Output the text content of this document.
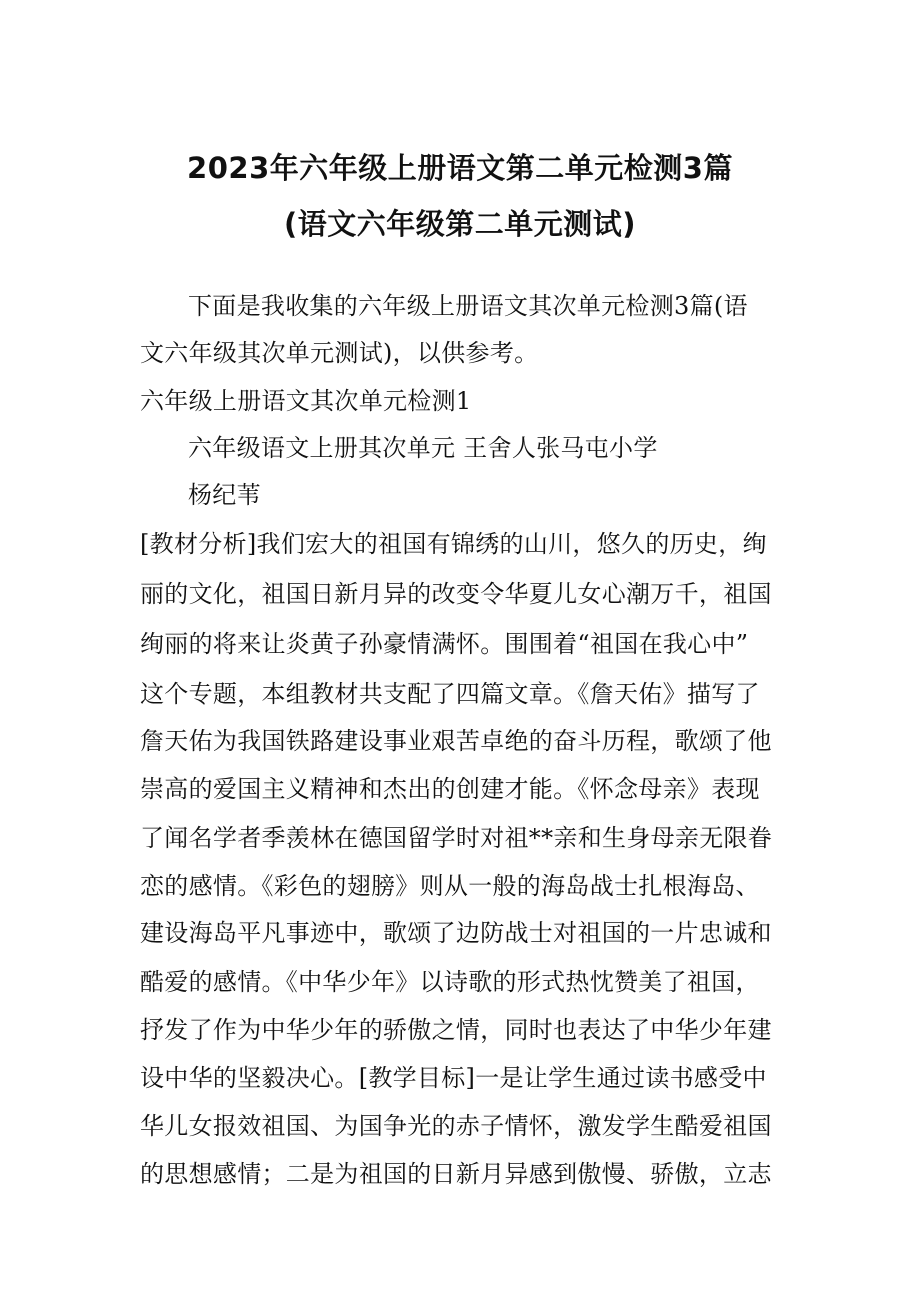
2023年六年级上册语文第二单元检测3篇
(语文六年级第二单元测试)
下面是我收集的六年级上册语文其次单元检测3篇(语
文六年级其次单元测试)，以供参考。
六年级上册语文其次单元检测1
六年级语文上册其次单元 王舍人张马屯小学
杨纪苇
[教材分析]我们宏大的祖国有锦绣的山川，悠久的历史，绚
丽的文化，祖国日新月异的改变令华夏儿女心潮万千，祖国
绚丽的将来让炎黄子孙豪情满怀。围围着“祖国在我心中”
这个专题，本组教材共支配了四篇文章。《詹天佑》描写了
詹天佑为我国铁路建设事业艰苦卓绝的奋斗历程，歌颂了他
崇高的爱国主义精神和杰出的创建才能。《怀念母亲》表现
了闻名学者季羡林在德国留学时对祖**亲和生身母亲无限眷
恋的感情。《彩色的翅膀》则从一般的海岛战士扎根海岛、
建设海岛平凡事迹中，歌颂了边防战士对祖国的一片忠诚和
酷爱的感情。《中华少年》以诗歌的形式热忱赞美了祖国，
抒发了作为中华少年的骄傲之情，同时也表达了中华少年建
设中华的坚毅决心。[教学目标]一是让学生通过读书感受中
华儿女报效祖国、为国争光的赤子情怀，激发学生酷爱祖国
的思想感情；二是为祖国的日新月异感到傲慢、骄傲，立志
